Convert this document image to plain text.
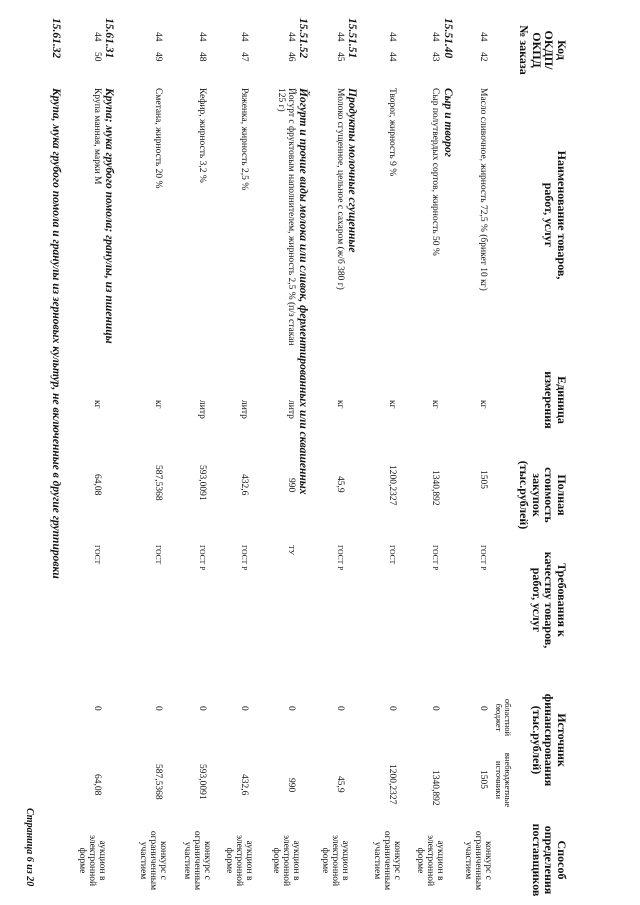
Код
ОКДП/
ОКПД
№ заказа
Наименование товаров,
работ, услуг
Единица
измерения
Полная
стоимость
закупок
(тыс.рублей)
Требования к
качеству товаров,
работ, услуг
Источник
финансирования
(тыс.рублей)
областной
бюджет
внебюджетные
источники
Способ
определения
поставщиков
44
42
Масло сливочное, жирность 72,5 % (брикет 10 кг)
кг
1505
ГОСТ Р
0
1505
конкурс с
ограниченным
участием
15.51.40
Сыр и творог
44
43
Сыр полутвердых сортов, жирность 50 %
кг
1340,892
ГОСТ Р
0
1340,892
аукцион в
электронной
форме
44
44
Творог, жирность 9 %
кг
1200,2327
ГОСТ
0
1200,2327
конкурс с
ограниченным
участием
15.51.51
Продукты молочные сгущенные
44
45
Молоко сгущенное, цельное с сахаром (ж/б 380 г)
кг
45,9
ГОСТ Р
0
45,9
аукцион в
электронной
форме
15.51.52
Йогурт и прочие виды молока или сливок, ферментированных или сквашенных
44
46
Йогурт с фруктовым наполнителем, жирность 2,5 % (п/з стакан
125 г)
литр
990
ТУ
0
990
аукцион в
электронной
форме
44
47
Ряженка, жирность 2,5 %
литр
432,6
ГОСТ Р
0
432,6
аукцион в
электронной
форме
44
48
Кефир, жирность 3,2 %
литр
593,0091
ГОСТ Р
0
593,0091
конкурс с
ограниченным
участием
44
49
Сметана, жирность 20 %
кг
587,5368
ГОСТ
0
587,5368
конкурс с
ограниченным
участием
15.61.31
Крупа; мука грубого помола; гранулы, из пшеницы
44
50
Крупа манная, марки М
кг
64,08
ГОСТ
0
64,08
аукцион в
электронной
форме
15.61.32
Крупа, мука грубого помола и гранулы из зерновых культур, не включенные в другие группировки
Страница 6 из 20
